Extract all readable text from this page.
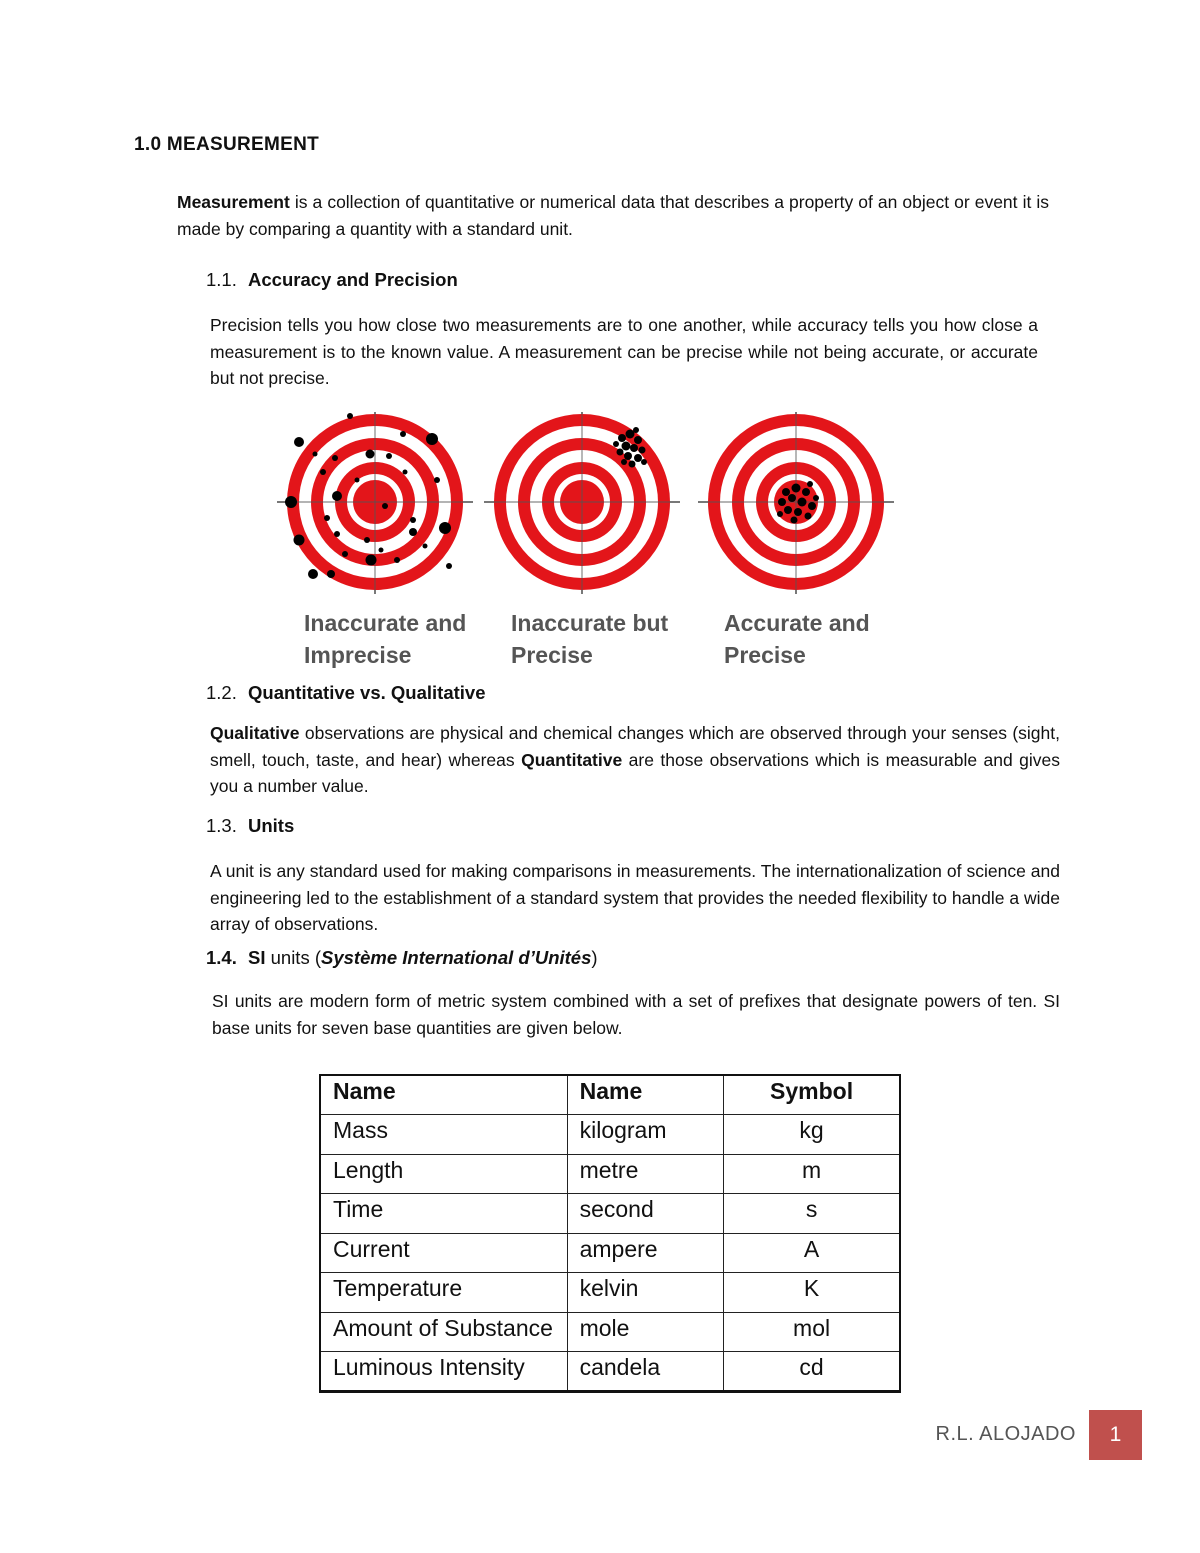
1.0 MEASUREMENT
Measurement is a collection of quantitative or numerical data that describes a property of an object or event it is made by comparing a quantity with a standard unit.
1.1. Accuracy and Precision
Precision tells you how close two measurements are to one another, while accuracy tells you how close a measurement is to the known value. A measurement can be precise while not being accurate, or accurate but not precise.
Inaccurate and Imprecise
Inaccurate but Precise
Accurate and Precise
1.2. Quantitative vs. Qualitative
Qualitative observations are physical and chemical changes which are observed through your senses (sight, smell, touch, taste, and hear) whereas Quantitative are those observations which is measurable and gives you a number value.
1.3. Units
A unit is any standard used for making comparisons in measurements. The internationalization of science and engineering led to the establishment of a standard system that provides the needed flexibility to handle a wide array of observations.
1.4. SI units (Système International d’Unités)
SI units are modern form of metric system combined with a set of prefixes that designate powers of ten. SI base units for seven base quantities are given below.
Name	Name	Symbol
Mass	kilogram	kg
Length	metre	m
Time	second	s
Current	ampere	A
Temperature	kelvin	K
Amount of Substance	mole	mol
Luminous Intensity	candela	cd
R.L. ALOJADO	1
